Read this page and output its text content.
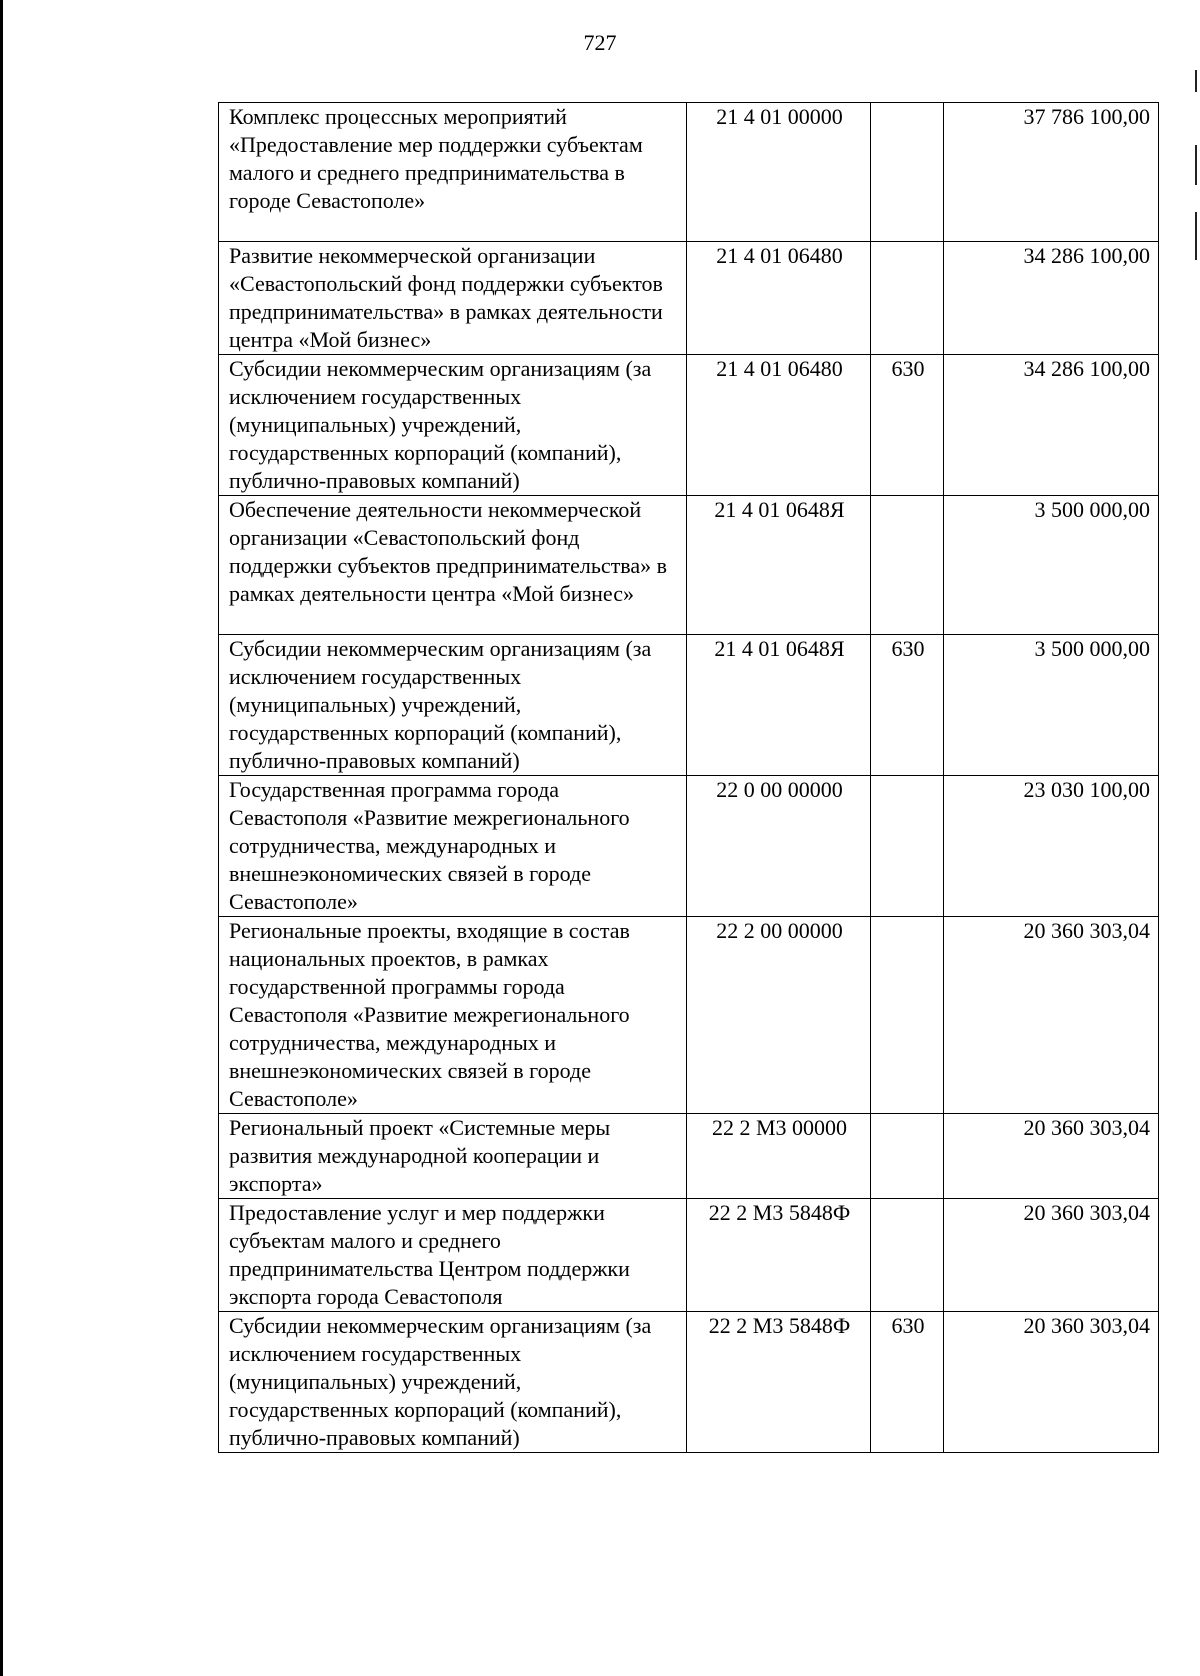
727
Комплекс процессных мероприятий «Предоставление мер поддержки субъектам малого и среднего предпринимательства в городе Севастополе»	21 4 01 00000		37 786 100,00
Развитие некоммерческой организации «Севастопольский фонд поддержки субъектов предпринимательства» в рамках деятельности центра «Мой бизнес»	21 4 01 06480		34 286 100,00
Субсидии некоммерческим организациям (за исключением государственных (муниципальных) учреждений, государственных корпораций (компаний), публично-правовых компаний)	21 4 01 06480	630	34 286 100,00
Обеспечение деятельности некоммерческой организации «Севастопольский фонд поддержки субъектов предпринимательства» в рамках деятельности центра «Мой бизнес»	21 4 01 0648Я		3 500 000,00
Субсидии некоммерческим организациям (за исключением государственных (муниципальных) учреждений, государственных корпораций (компаний), публично-правовых компаний)	21 4 01 0648Я	630	3 500 000,00
Государственная программа города Севастополя «Развитие межрегионального сотрудничества, международных и внешнеэкономических связей в городе Севастополе»	22 0 00 00000		23 030 100,00
Региональные проекты, входящие в состав национальных проектов, в рамках государственной программы города Севастополя «Развитие межрегионального сотрудничества, международных и внешнеэкономических связей в городе Севастополе»	22 2 00 00000		20 360 303,04
Региональный проект «Системные меры развития международной кооперации и экспорта»	22 2 М3 00000		20 360 303,04
Предоставление услуг и мер поддержки субъектам малого и среднего предпринимательства Центром поддержки экспорта города Севастополя	22 2 М3 5848Ф		20 360 303,04
Субсидии некоммерческим организациям (за исключением государственных (муниципальных) учреждений, государственных корпораций (компаний), публично-правовых компаний)	22 2 М3 5848Ф	630	20 360 303,04
